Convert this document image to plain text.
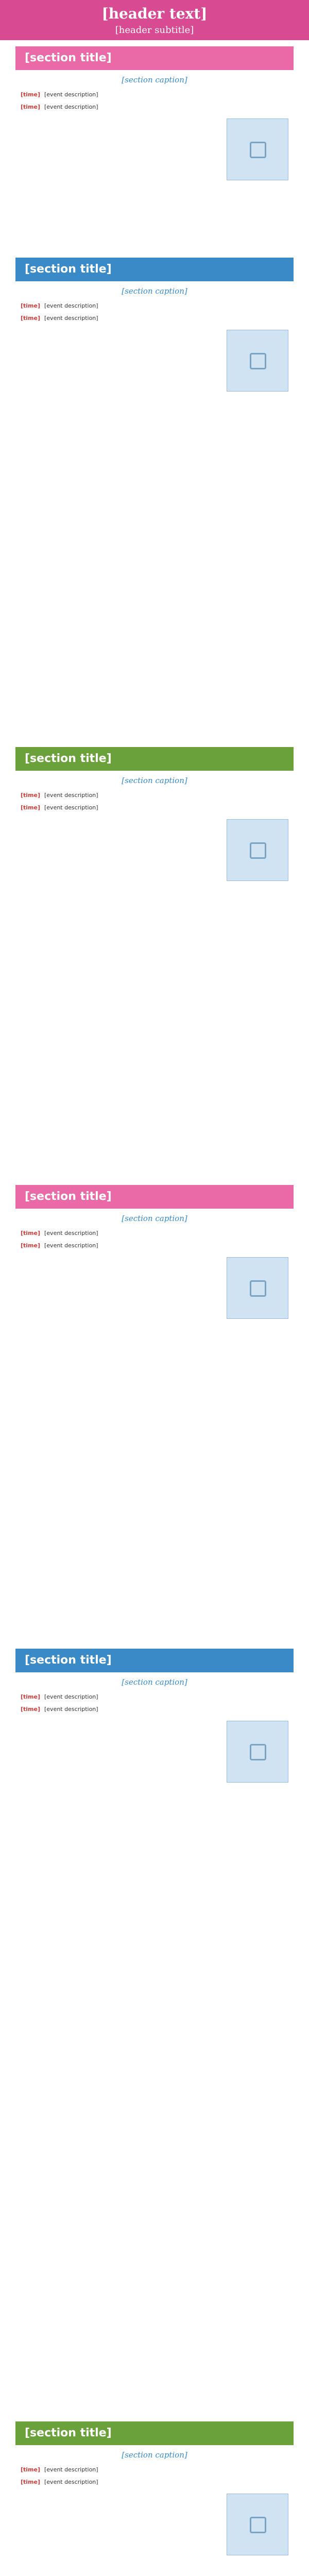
[header text]
[header subtitle]
[section title]
[section caption]
[time] [event description]
[time] [event description]
[section title]
[section caption]
[time] [event description]
[time] [event description]
[section title]
[section caption]
[time] [event description]
[time] [event description]
[section title]
[section caption]
[time] [event description]
[time] [event description]
[section title]
[section caption]
[time] [event description]
[time] [event description]
[section title]
[section caption]
[time] [event description]
[time] [event description]
